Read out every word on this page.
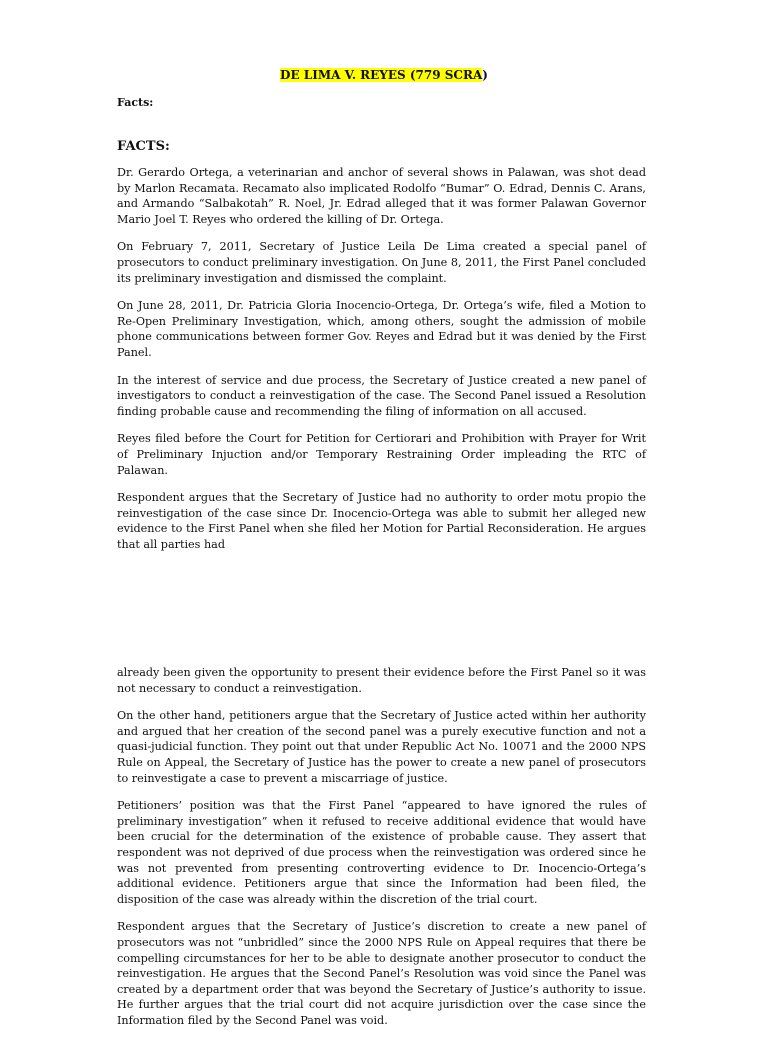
DE LIMA V. REYES (779 SCRA)

Facts:

FACTS:

Dr. Gerardo Ortega, a veterinarian and anchor of several shows in Palawan, was shot dead by Marlon Recamata. Recamato also implicated Rodolfo “Bumar” O. Edrad, Dennis C. Arans, and Armando “Salbakotah” R. Noel, Jr. Edrad alleged that it was former Palawan Governor Mario Joel T. Reyes who ordered the killing of Dr. Ortega.

On February 7, 2011, Secretary of Justice Leila De Lima created a special panel of prosecutors to conduct preliminary investigation. On June 8, 2011, the First Panel concluded its preliminary investigation and dismissed the complaint.

On June 28, 2011, Dr. Patricia Gloria Inocencio-Ortega, Dr. Ortega’s wife, filed a Motion to Re-Open Preliminary Investigation, which, among others, sought the admission of mobile phone communications between former Gov. Reyes and Edrad but it was denied by the First Panel.

In the interest of service and due process, the Secretary of Justice created a new panel of investigators to conduct a reinvestigation of the case. The Second Panel issued a Resolution finding probable cause and recommending the filing of information on all accused.

Reyes filed before the Court for Petition for Certiorari and Prohibition with Prayer for Writ of Preliminary Injuction and/or Temporary Restraining Order impleading the RTC of Palawan.

Respondent argues that the Secretary of Justice had no authority to order motu propio the reinvestigation of the case since Dr. Inocencio-Ortega was able to submit her alleged new evidence to the First Panel when she filed her Motion for Partial Reconsideration. He argues that all parties had

already been given the opportunity to present their evidence before the First Panel so it was not necessary to conduct a reinvestigation.

On the other hand, petitioners argue that the Secretary of Justice acted within her authority and argued that her creation of the second panel was a purely executive function and not a quasi-judicial function. They point out that under Republic Act No. 10071 and the 2000 NPS Rule on Appeal, the Secretary of Justice has the power to create a new panel of prosecutors to reinvestigate a case to prevent a miscarriage of justice.

Petitioners’ position was that the First Panel “appeared to have ignored the rules of preliminary investigation” when it refused to receive additional evidence that would have been crucial for the determination of the existence of probable cause. They assert that respondent was not deprived of due process when the reinvestigation was ordered since he was not prevented from presenting controverting evidence to Dr. Inocencio-Ortega’s additional evidence. Petitioners argue that since the Information had been filed, the disposition of the case was already within the discretion of the trial court.

Respondent argues that the Secretary of Justice’s discretion to create a new panel of prosecutors was not “unbridled” since the 2000 NPS Rule on Appeal requires that there be compelling circumstances for her to be able to designate another prosecutor to conduct the reinvestigation. He argues that the Second Panel’s Resolution was void since the Panel was created by a department order that was beyond the Secretary of Justice’s authority to issue. He further argues that the trial court did not acquire jurisdiction over the case since the Information filed by the Second Panel was void.
